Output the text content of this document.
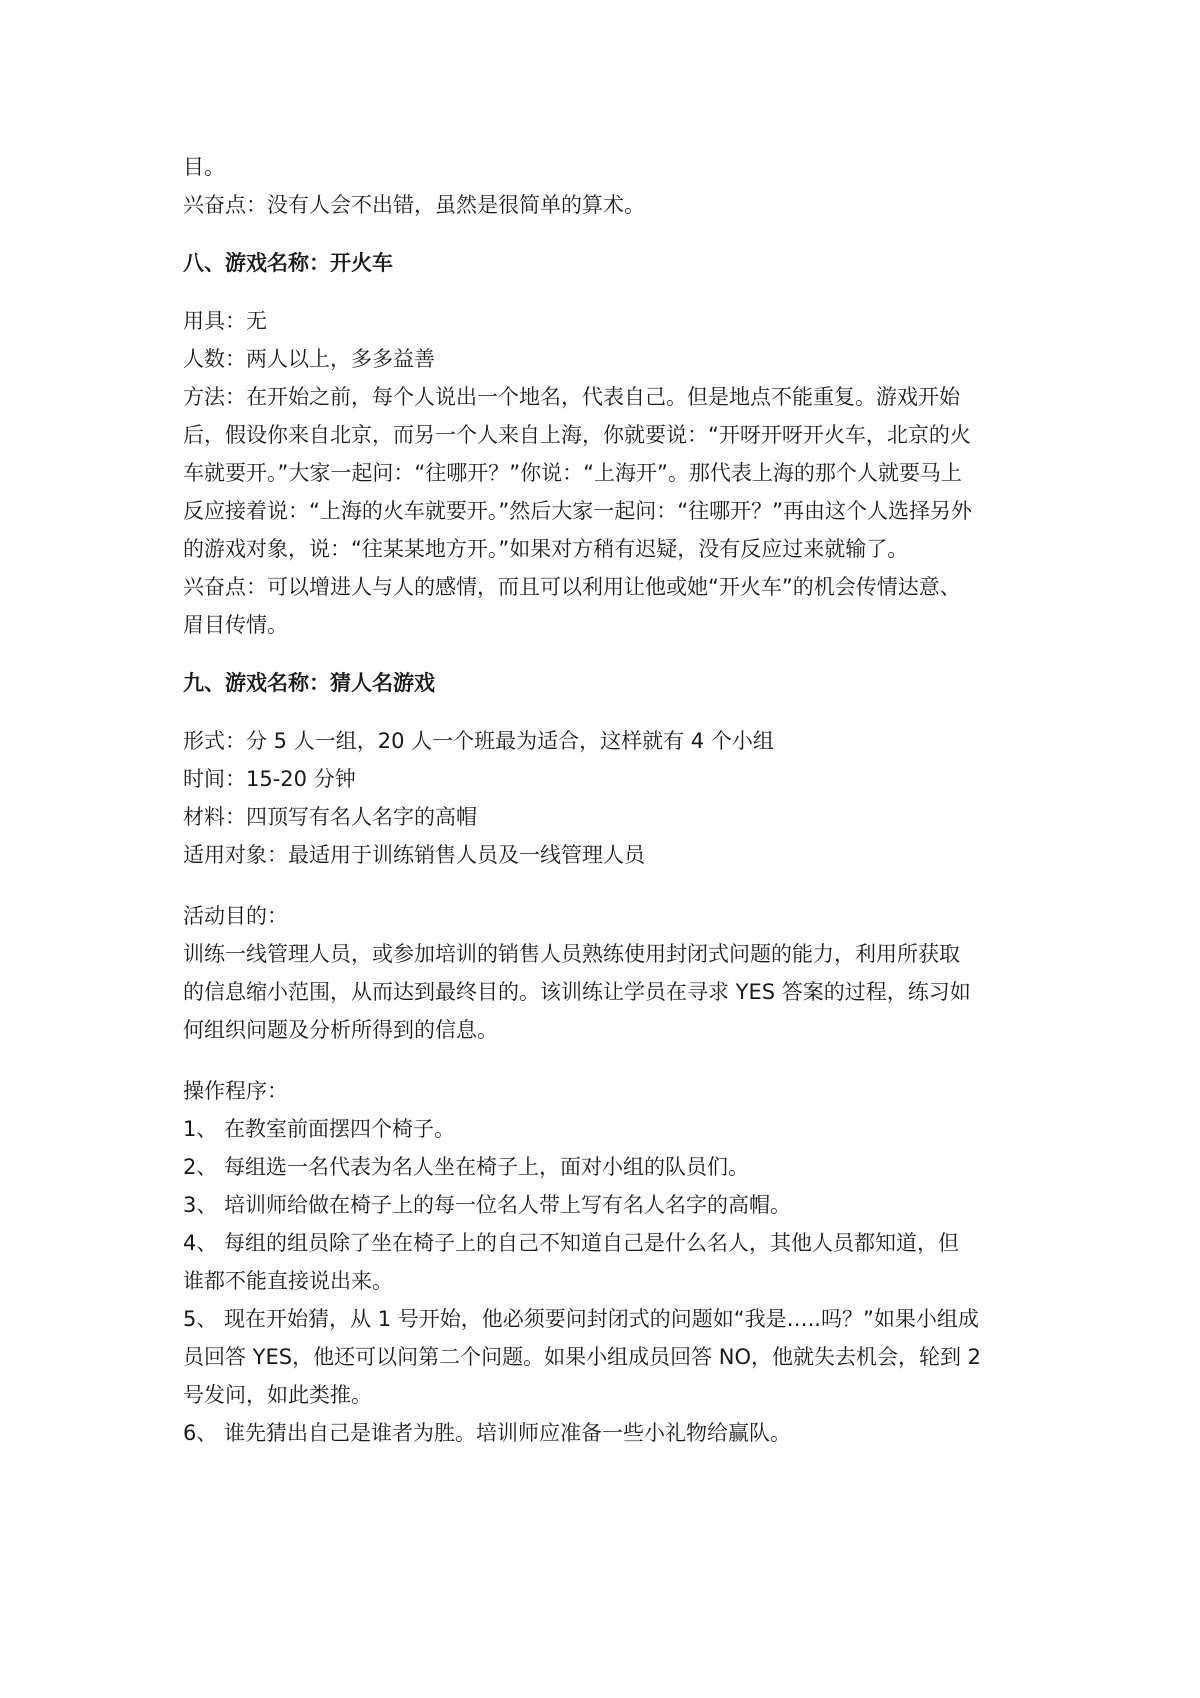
目。
兴奋点：没有人会不出错，虽然是很简单的算术。
八、游戏名称：开火车
用具：无
人数：两人以上，多多益善
方法：在开始之前，每个人说出一个地名，代表自己。但是地点不能重复。游戏开始
后，假设你来自北京，而另一个人来自上海，你就要说：“开呀开呀开火车，北京的火
车就要开。”大家一起问：“往哪开？”你说：“上海开”。那代表上海的那个人就要马上
反应接着说：“上海的火车就要开。”然后大家一起问：“往哪开？”再由这个人选择另外
的游戏对象，说：“往某某地方开。”如果对方稍有迟疑，没有反应过来就输了。
兴奋点：可以增进人与人的感情，而且可以利用让他或她“开火车”的机会传情达意、
眉目传情。
九、游戏名称：猜人名游戏
形式：分 5 人一组，20 人一个班最为适合，这样就有 4 个小组
时间：15-20 分钟
材料：四顶写有名人名字的高帽
适用对象：最适用于训练销售人员及一线管理人员
活动目的：
训练一线管理人员，或参加培训的销售人员熟练使用封闭式问题的能力，利用所获取
的信息缩小范围，从而达到最终目的。该训练让学员在寻求 YES 答案的过程，练习如
何组织问题及分析所得到的信息。
操作程序：
1、 在教室前面摆四个椅子。
2、 每组选一名代表为名人坐在椅子上，面对小组的队员们。
3、 培训师给做在椅子上的每一位名人带上写有名人名字的高帽。
4、 每组的组员除了坐在椅子上的自己不知道自己是什么名人，其他人员都知道，但
谁都不能直接说出来。
5、 现在开始猜，从 1 号开始，他必须要问封闭式的问题如“我是…..吗？”如果小组成
员回答 YES，他还可以问第二个问题。如果小组成员回答 NO，他就失去机会，轮到 2
号发问，如此类推。
6、 谁先猜出自己是谁者为胜。培训师应准备一些小礼物给赢队。
